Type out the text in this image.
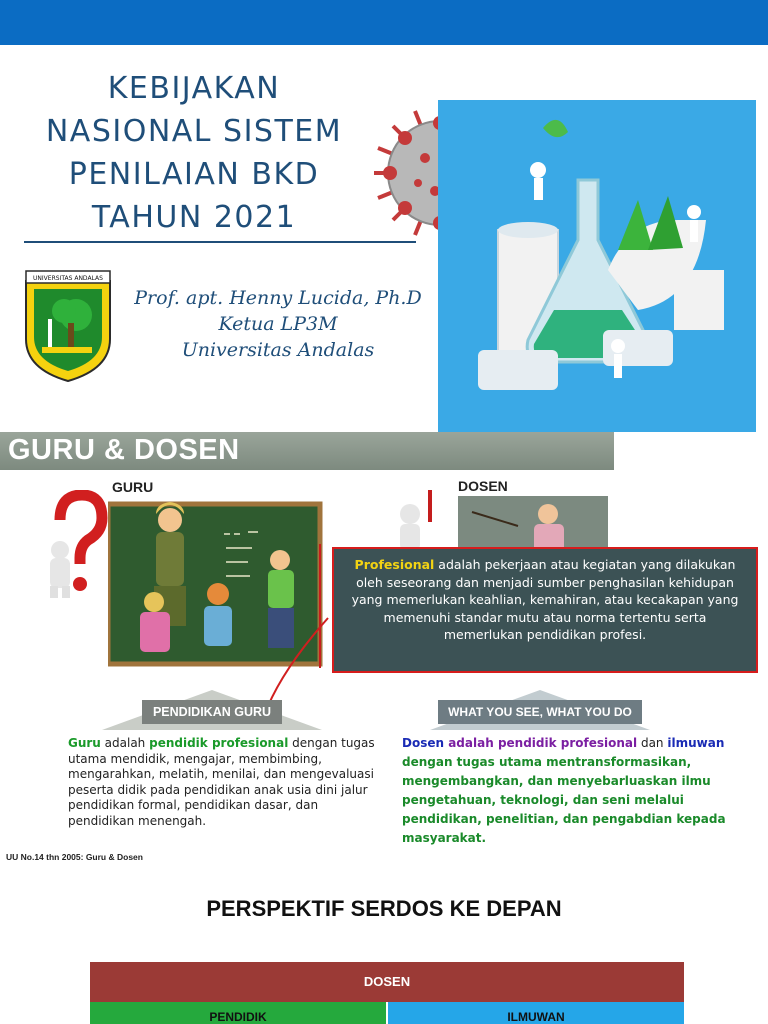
KEBIJAKAN
NASIONAL SISTEM
PENILAIAN BKD
TAHUN 2021
UNIVERSITAS ANDALAS
Prof. apt. Henny Lucida, Ph.D
Ketua LP3M
Universitas Andalas
GURU & DOSEN
GURU	DOSEN
Profesional adalah pekerjaan atau kegiatan yang dilakukan oleh seseorang dan menjadi sumber penghasilan kehidupan yang memerlukan keahlian, kemahiran, atau kecakapan yang memenuhi standar mutu atau norma tertentu serta memerlukan pendidikan profesi.
PENDIDIKAN GURU	WHAT YOU SEE, WHAT YOU DO
Guru adalah pendidik profesional dengan tugas utama mendidik, mengajar, membimbing, mengarahkan, melatih, menilai, dan mengevaluasi peserta didik pada pendidikan anak usia dini jalur pendidikan formal, pendidikan dasar, dan pendidikan menengah.
Dosen adalah pendidik profesional dan ilmuwan dengan tugas utama mentransformasikan, mengembangkan, dan menyebarluaskan ilmu pengetahuan, teknologi, dan seni melalui pendidikan, penelitian, dan pengabdian kepada masyarakat.
UU No.14 thn 2005: Guru & Dosen
PERSPEKTIF SERDOS KE DEPAN
DOSEN
PENDIDIK	ILMUWAN
